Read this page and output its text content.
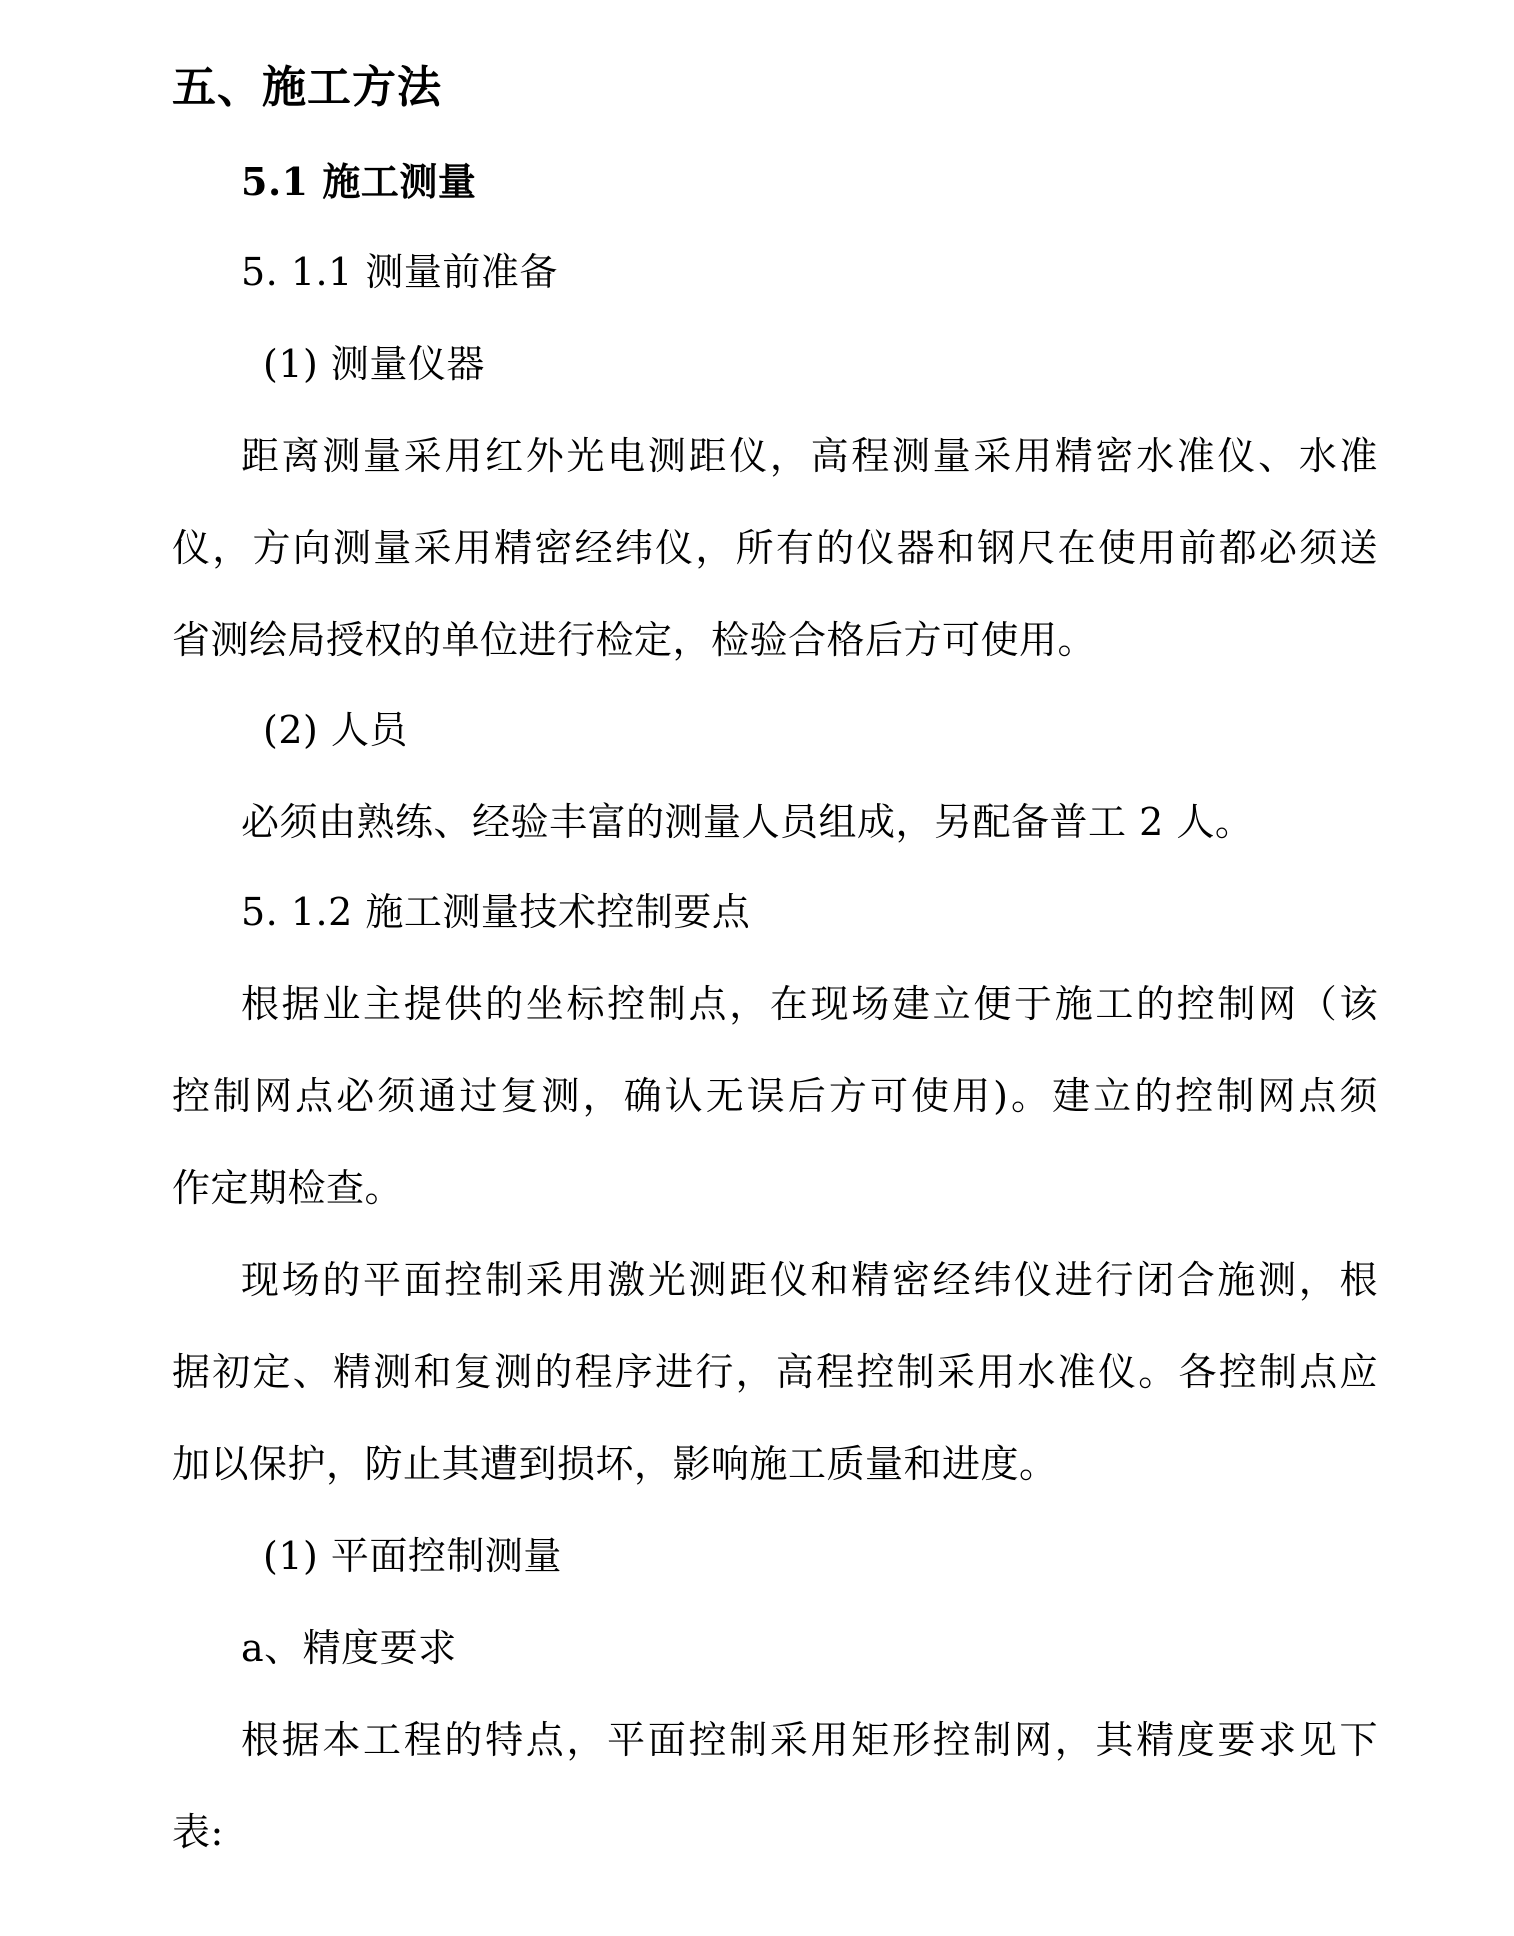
五、施工方法
5.1 施工测量
5. 1.1 测量前准备
(1) 测量仪器
距离测量采用红外光电测距仪，高程测量采用精密水准仪、水准
仪，方向测量采用精密经纬仪，所有的仪器和钢尺在使用前都必须送
省测绘局授权的单位进行检定，检验合格后方可使用。
(2) 人员
必须由熟练、经验丰富的测量人员组成，另配备普工 2 人。
5. 1.2 施工测量技术控制要点
根据业主提供的坐标控制点，在现场建立便于施工的控制网（该
控制网点必须通过复测，确认无误后方可使用)。建立的控制网点须
作定期检查。
现场的平面控制采用激光测距仪和精密经纬仪进行闭合施测，根
据初定、精测和复测的程序进行，高程控制采用水准仪。各控制点应
加以保护，防止其遭到损坏，影响施工质量和进度。
(1) 平面控制测量
a、精度要求
根据本工程的特点，平面控制采用矩形控制网，其精度要求见下
表:
